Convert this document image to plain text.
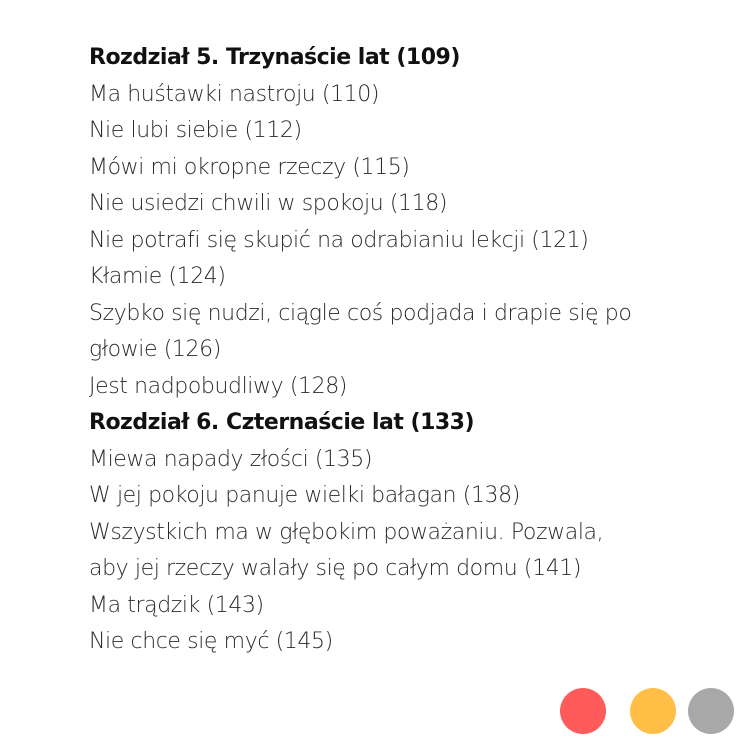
Rozdział 5. Trzynaście lat (109)
Ma huśtawki nastroju (110)
Nie lubi siebie (112)
Mówi mi okropne rzeczy (115)
Nie usiedzi chwili w spokoju (118)
Nie potrafi się skupić na odrabianiu lekcji (121)
Kłamie (124)
Szybko się nudzi, ciągle coś podjada i drapie się po głowie (126)
Jest nadpobudliwy (128)
Rozdział 6. Czternaście lat (133)
Miewa napady złości (135)
W jej pokoju panuje wielki bałagan (138)
Wszystkich ma w głębokim poważaniu. Pozwala, aby jej rzeczy walały się po całym domu (141)
Ma trądzik (143)
Nie chce się myć (145)
